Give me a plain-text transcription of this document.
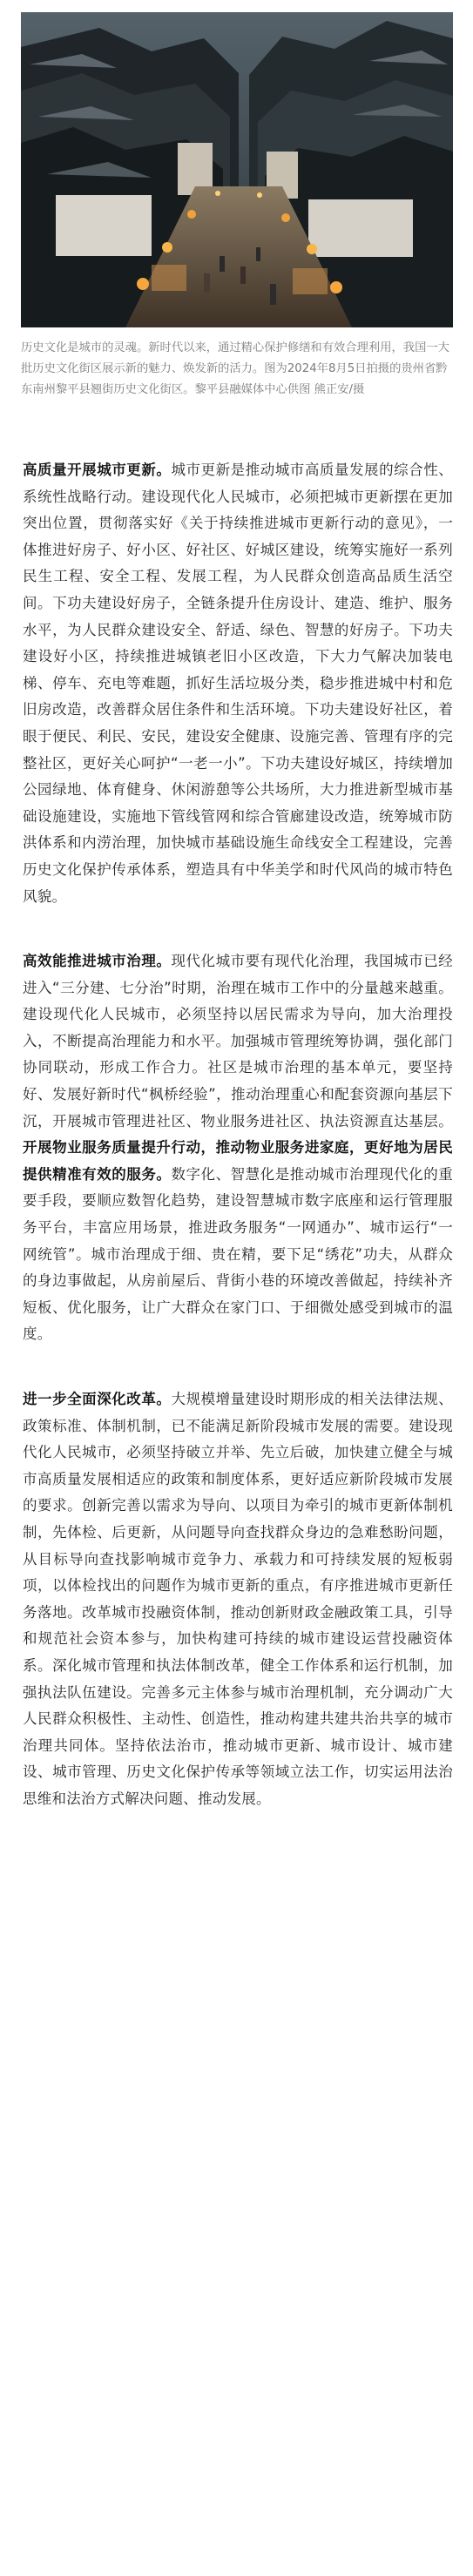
历史文化是城市的灵魂。新时代以来，通过精心保护修缮和有效合理利用，我国一大批历史文化街区展示新的魅力、焕发新的活力。图为2024年8月5日拍摄的贵州省黔东南州黎平县翘街历史文化街区。黎平县融媒体中心供图 熊正安/摄

高质量开展城市更新。城市更新是推动城市高质量发展的综合性、系统性战略行动。建设现代化人民城市，必须把城市更新摆在更加突出位置，贯彻落实好《关于持续推进城市更新行动的意见》，一体推进好房子、好小区、好社区、好城区建设，统筹实施好一系列民生工程、安全工程、发展工程，为人民群众创造高品质生活空间。下功夫建设好房子，全链条提升住房设计、建造、维护、服务水平，为人民群众建设安全、舒适、绿色、智慧的好房子。下功夫建设好小区，持续推进城镇老旧小区改造，下大力气解决加装电梯、停车、充电等难题，抓好生活垃圾分类，稳步推进城中村和危旧房改造，改善群众居住条件和生活环境。下功夫建设好社区，着眼于便民、利民、安民，建设安全健康、设施完善、管理有序的完整社区，更好关心呵护“一老一小”。下功夫建设好城区，持续增加公园绿地、体育健身、休闲游憩等公共场所，大力推进新型城市基础设施建设，实施地下管线管网和综合管廊建设改造，统筹城市防洪体系和内涝治理，加快城市基础设施生命线安全工程建设，完善历史文化保护传承体系，塑造具有中华美学和时代风尚的城市特色风貌。

高效能推进城市治理。现代化城市要有现代化治理，我国城市已经进入“三分建、七分治”时期，治理在城市工作中的分量越来越重。建设现代化人民城市，必须坚持以居民需求为导向，加大治理投入，不断提高治理能力和水平。加强城市管理统筹协调，强化部门协同联动，形成工作合力。社区是城市治理的基本单元，要坚持好、发展好新时代“枫桥经验”，推动治理重心和配套资源向基层下沉，开展城市管理进社区、物业服务进社区、执法资源直达基层。开展物业服务质量提升行动，推动物业服务进家庭，更好地为居民提供精准有效的服务。数字化、智慧化是推动城市治理现代化的重要手段，要顺应数智化趋势，建设智慧城市数字底座和运行管理服务平台，丰富应用场景，推进政务服务“一网通办”、城市运行“一网统管”。城市治理成于细、贵在精，要下足“绣花”功夫，从群众的身边事做起，从房前屋后、背街小巷的环境改善做起，持续补齐短板、优化服务，让广大群众在家门口、于细微处感受到城市的温度。

进一步全面深化改革。大规模增量建设时期形成的相关法律法规、政策标准、体制机制，已不能满足新阶段城市发展的需要。建设现代化人民城市，必须坚持破立并举、先立后破，加快建立健全与城市高质量发展相适应的政策和制度体系，更好适应新阶段城市发展的要求。创新完善以需求为导向、以项目为牵引的城市更新体制机制，先体检、后更新，从问题导向查找群众身边的急难愁盼问题，从目标导向查找影响城市竞争力、承载力和可持续发展的短板弱项，以体检找出的问题作为城市更新的重点，有序推进城市更新任务落地。改革城市投融资体制，推动创新财政金融政策工具，引导和规范社会资本参与，加快构建可持续的城市建设运营投融资体系。深化城市管理和执法体制改革，健全工作体系和运行机制，加强执法队伍建设。完善多元主体参与城市治理机制，充分调动广大人民群众积极性、主动性、创造性，推动构建共建共治共享的城市治理共同体。坚持依法治市，推动城市更新、城市设计、城市建设、城市管理、历史文化保护传承等领域立法工作，切实运用法治思维和法治方式解决问题、推动发展。
